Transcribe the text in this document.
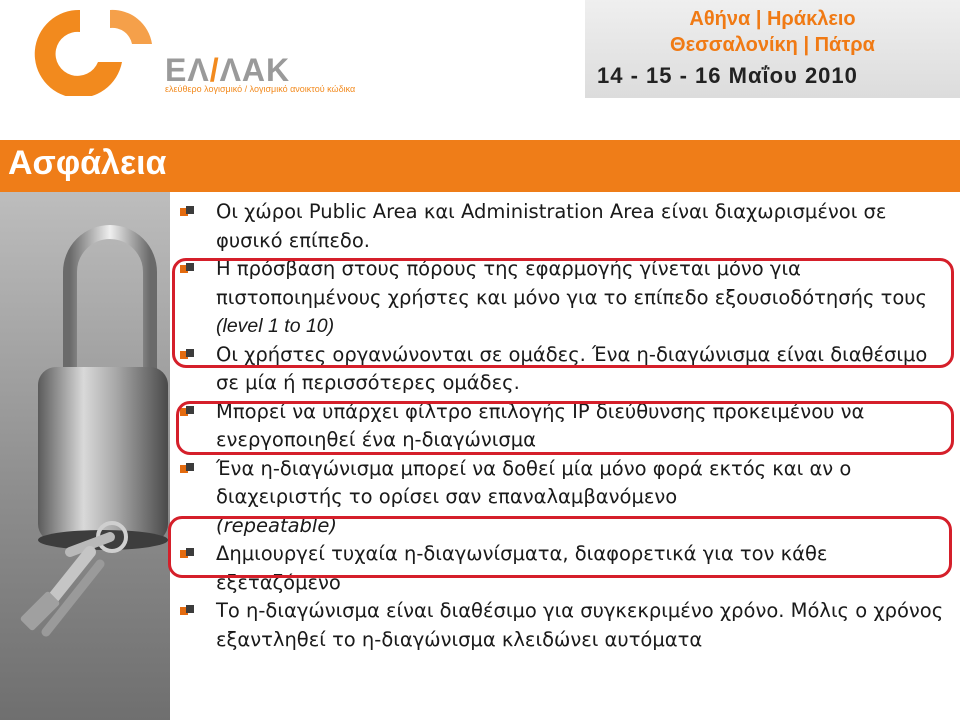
ΕΛ/ΛΑΚ
ελεύθερο λογισμικό / λογισμικό ανοικτού κώδικα
Αθήνα | Ηράκλειο
Θεσσαλονίκη | Πάτρα
14 - 15 - 16 Μαΐου 2010
Ασφάλεια
Οι χώροι Public Area και Administration Area είναι διαχωρισμένοι σε φυσικό επίπεδο.
Η πρόσβαση στους πόρους της εφαρμογής γίνεται μόνο για πιστοποιημένους χρήστες και μόνο για το επίπεδο εξουσιοδότησής τους
(level 1 to 10)
Οι χρήστες οργανώνονται σε ομάδες. Ένα η-διαγώνισμα είναι διαθέσιμο σε μία ή περισσότερες ομάδες.
Μπορεί να υπάρχει φίλτρο επιλογής IP διεύθυνσης προκειμένου να ενεργοποιηθεί ένα η-διαγώνισμα
Ένα η-διαγώνισμα μπορεί να δοθεί μία μόνο φορά εκτός και αν ο διαχειριστής το ορίσει σαν επαναλαμβανόμενο
(repeatable)
Δημιουργεί τυχαία η-διαγωνίσματα, διαφορετικά για τον κάθε εξεταζόμενο
Το η-διαγώνισμα είναι διαθέσιμο για συγκεκριμένο χρόνο. Μόλις ο χρόνος εξαντληθεί το η-διαγώνισμα κλειδώνει αυτόματα
